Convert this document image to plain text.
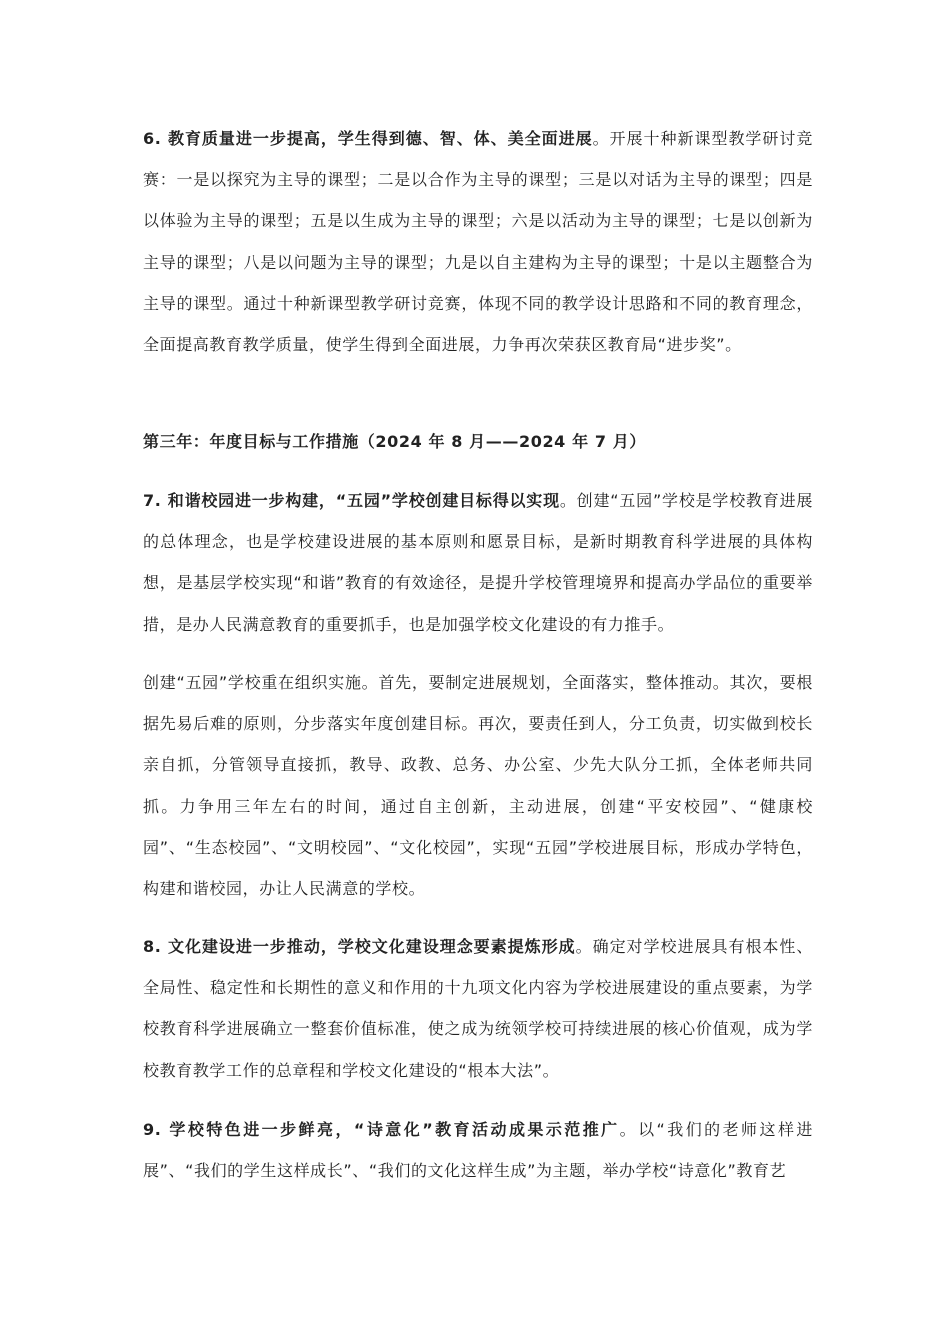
6. 教育质量进一步提高，学生得到德、智、体、美全面进展。开展十种新课型教学研讨竞赛：一是以探究为主导的课型；二是以合作为主导的课型；三是以对话为主导的课型；四是以体验为主导的课型；五是以生成为主导的课型；六是以活动为主导的课型；七是以创新为主导的课型；八是以问题为主导的课型；九是以自主建构为主导的课型；十是以主题整合为主导的课型。通过十种新课型教学研讨竞赛，体现不同的教学设计思路和不同的教育理念，全面提高教育教学质量，使学生得到全面进展，力争再次荣获区教育局“进步奖”。

第三年：年度目标与工作措施（2024 年 8 月——2024 年 7 月）

7. 和谐校园进一步构建，“五园”学校创建目标得以实现。创建“五园”学校是学校教育进展的总体理念，也是学校建设进展的基本原则和愿景目标，是新时期教育科学进展的具体构想，是基层学校实现“和谐”教育的有效途径，是提升学校管理境界和提高办学品位的重要举措，是办人民满意教育的重要抓手，也是加强学校文化建设的有力推手。

创建“五园”学校重在组织实施。首先，要制定进展规划，全面落实，整体推动。其次，要根据先易后难的原则，分步落实年度创建目标。再次，要责任到人，分工负责，切实做到校长亲自抓，分管领导直接抓，教导、政教、总务、办公室、少先大队分工抓，全体老师共同抓。力争用三年左右的时间，通过自主创新，主动进展，创建“平安校园”、“健康校园”、“生态校园”、“文明校园”、“文化校园”，实现“五园”学校进展目标，形成办学特色，构建和谐校园，办让人民满意的学校。

8. 文化建设进一步推动，学校文化建设理念要素提炼形成。确定对学校进展具有根本性、全局性、稳定性和长期性的意义和作用的十九项文化内容为学校进展建设的重点要素，为学校教育科学进展确立一整套价值标准，使之成为统领学校可持续进展的核心价值观，成为学校教育教学工作的总章程和学校文化建设的“根本大法”。

9. 学校特色进一步鲜亮，“诗意化”教育活动成果示范推广。以“我们的老师这样进展”、“我们的学生这样成长”、“我们的文化这样生成”为主题，举办学校“诗意化”教育艺
